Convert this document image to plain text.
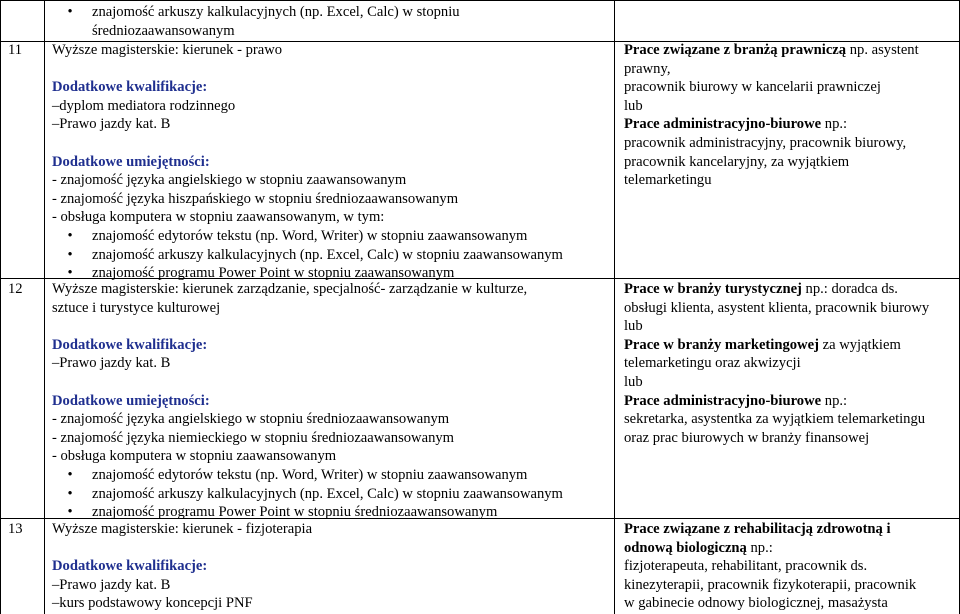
• znajomość arkuszy kalkulacyjnych (np. Excel, Calc) w stopniu
średniozaawansowanym
11 Wyższe magisterskie: kierunek - prawo
Dodatkowe kwalifikacje:
–dyplom mediatora rodzinnego
–Prawo jazdy kat. B
Dodatkowe umiejętności:
- znajomość języka angielskiego w stopniu zaawansowanym
- znajomość języka hiszpańskiego w stopniu średniozaawansowanym
- obsługa komputera w stopniu zaawansowanym, w tym:
• znajomość edytorów tekstu (np. Word, Writer) w stopniu zaawansowanym
• znajomość arkuszy kalkulacyjnych (np. Excel, Calc) w stopniu zaawansowanym
• znajomość programu Power Point w stopniu zaawansowanym
Prace związane z branżą prawniczą np. asystent
prawny,
pracownik biurowy w kancelarii prawniczej
lub
Prace administracyjno-biurowe np.:
pracownik administracyjny, pracownik biurowy,
pracownik kancelaryjny, za wyjątkiem
telemarketingu
12 Wyższe magisterskie: kierunek zarządzanie, specjalność- zarządzanie w kulturze,
sztuce i turystyce kulturowej
Dodatkowe kwalifikacje:
–Prawo jazdy kat. B
Dodatkowe umiejętności:
- znajomość języka angielskiego w stopniu średniozaawansowanym
- znajomość języka niemieckiego w stopniu średniozaawansowanym
- obsługa komputera w stopniu zaawansowanym
• znajomość edytorów tekstu (np. Word, Writer) w stopniu zaawansowanym
• znajomość arkuszy kalkulacyjnych (np. Excel, Calc) w stopniu zaawansowanym
• znajomość programu Power Point w stopniu średniozaawansowanym
Prace w branży turystycznej np.: doradca ds.
obsługi klienta, asystent klienta, pracownik biurowy
lub
Prace w branży marketingowej za wyjątkiem
telemarketingu oraz akwizycji
lub
Prace administracyjno-biurowe np.:
sekretarka, asystentka za wyjątkiem telemarketingu
oraz prac biurowych w branży finansowej
13 Wyższe magisterskie: kierunek - fizjoterapia
Dodatkowe kwalifikacje:
–Prawo jazdy kat. B
–kurs podstawowy koncepcji PNF
Prace związane z rehabilitacją zdrowotną i
odnową biologiczną np.:
fizjoterapeuta, rehabilitant, pracownik ds.
kinezyterapii, pracownik fizykoterapii, pracownik
w gabinecie odnowy biologicznej, masażysta
